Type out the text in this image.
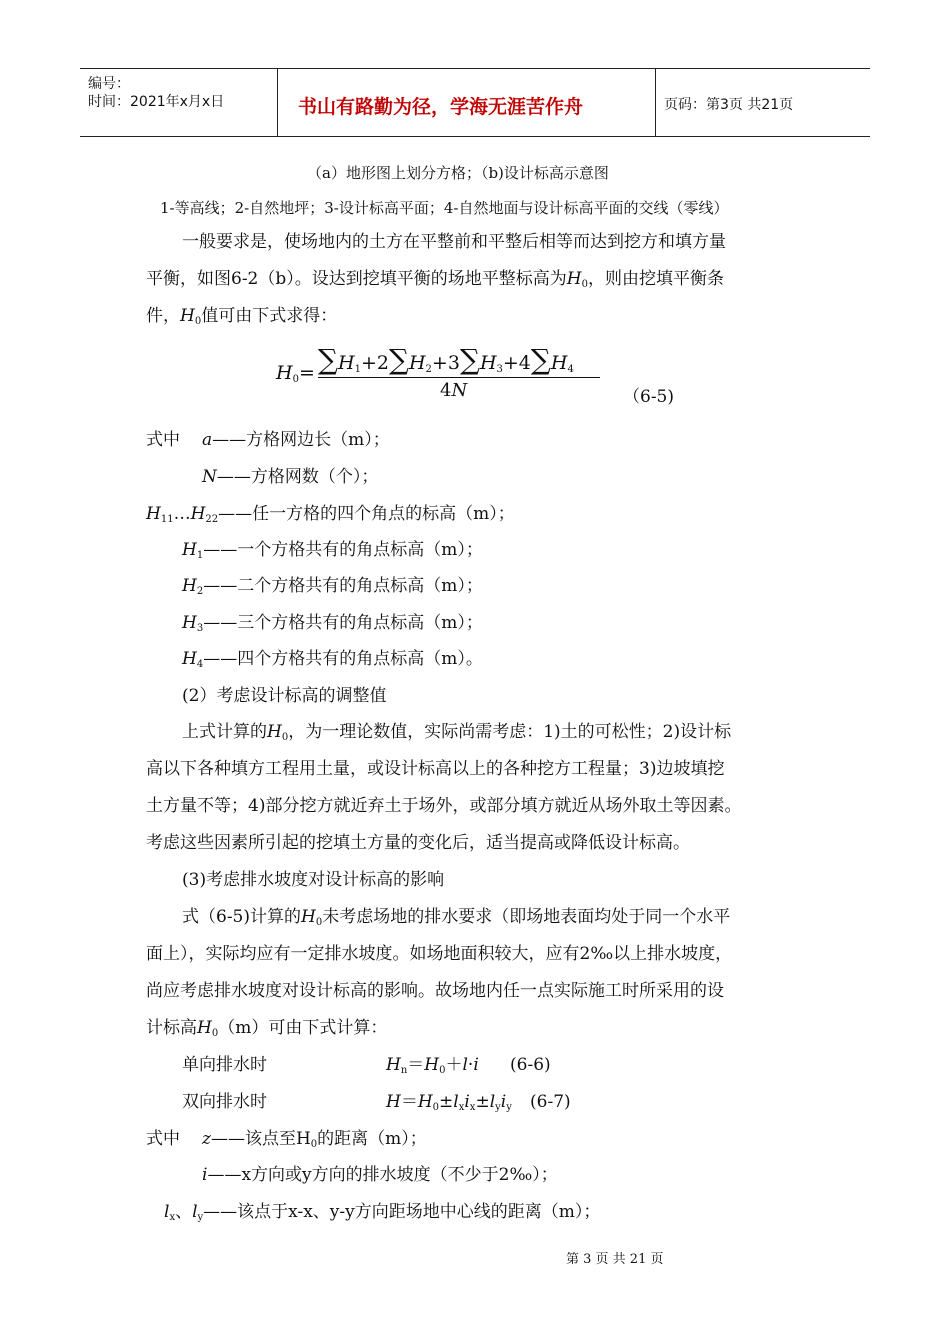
编号：
时间：2021年x月x日	书山有路勤为径，学海无涯苦作舟	页码：第3页 共21页
（a）地形图上划分方格；（b)设计标高示意图
1-等高线；2-自然地坪；3-设计标高平面；4-自然地面与设计标高平面的交线（零线）
一般要求是，使场地内的土方在平整前和平整后相等而达到挖方和填方量
平衡，如图6-2（b）。设达到挖填平衡的场地平整标高为$H_0$，则由挖填平衡条
件，$H_0$值可由下式求得：
$H_0= \sum H_1+2\sum H_2+3\sum H_3+4\sum H_4$
4N	（6-5)
式中 a——方格网边长（m）；
N——方格网数（个）；
$H_{11}\dots H_{22}——$任一方格的四个角点的标高（m）；
$H_1——$一个方格共有的角点标高（m）；
$H_2——$二个方格共有的角点标高（m）；
$H_3——$三个方格共有的角点标高（m）；
$H_4——$四个方格共有的角点标高（m）。
(2）考虑设计标高的调整值
上式计算的$H_0$，为一理论数值，实际尚需考虑：1)土的可松性；2)设计标
高以下各种填方工程用土量，或设计标高以上的各种挖方工程量；3)边坡填挖
土方量不等；4)部分挖方就近弃土于场外，或部分填方就近从场外取土等因素。
考虑这些因素所引起的挖填土方量的变化后，适当提高或降低设计标高。
(3)考虑排水坡度对设计标高的影响
式（6-5)计算的$H_0$未考虑场地的排水要求（即场地表面均处于同一个水平
面上），实际均应有一定排水坡度。如场地面积较大，应有2‰以上排水坡度，
尚应考虑排水坡度对设计标高的影响。故场地内任一点实际施工时所采用的设
计标高$H_0(m)$可由下式计算：
单向排水时	$H_n=H_0+l\cdot i$ (6-6)
双向排水时	$H=H_0\pm l_xi_x\pm l_yi_y$ (6-7)
式中 z——该点至$H_0$的距离（m）；
i——x方向或y方向的排水坡度（不少于2‰）；
$l_x$、$l_y——$该点于x-x、y-y方向距场地中心线的距离（m）；
第 3 页 共 21 页
